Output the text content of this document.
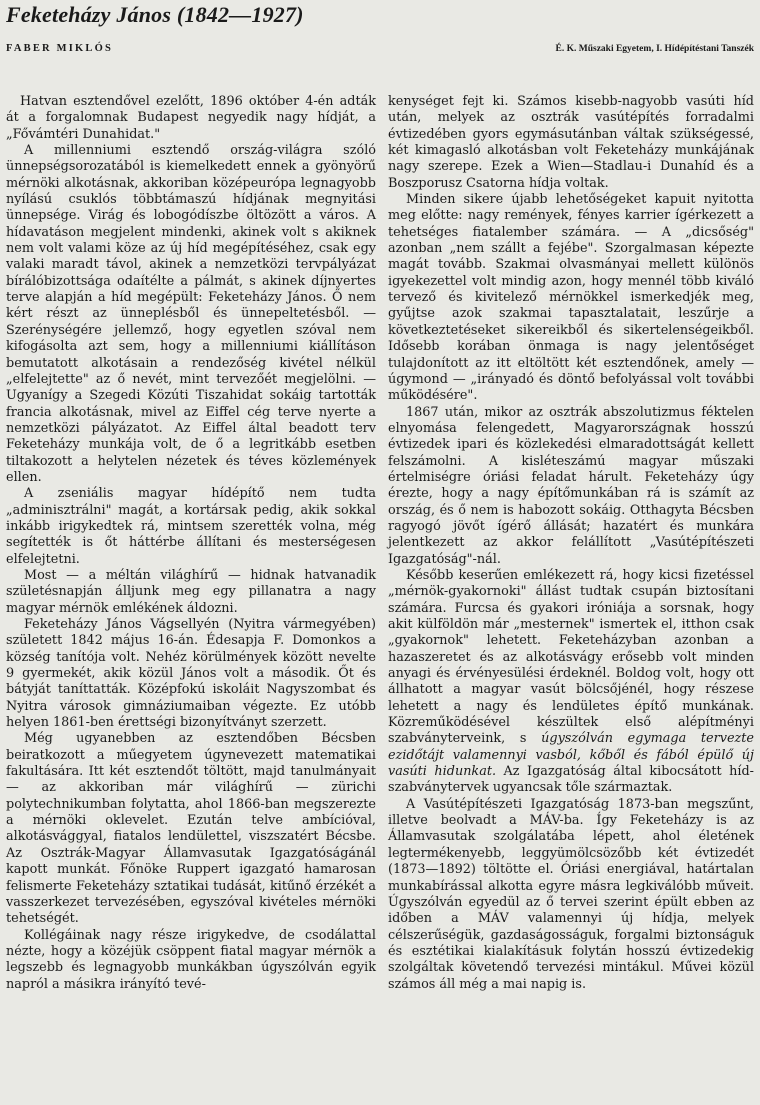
Feketeházy János (1842—1927)
FABER MIKLÓS	É. K. Műszaki Egyetem, I. Hídépítéstani Tanszék

Hatvan esztendővel ezelőtt, 1896 október 4-én adták át a forgalomnak Budapest negyedik nagy hídját, a „Fővámtéri Dunahidat."

A millenniumi esztendő ország-világra szóló ünnepségsorozatából is kiemelkedett ennek a gyönyörű mérnöki alkotásnak, akkoriban középeurópa legnagyobb nyílású csuklós többtámaszú hídjának megnyitási ünnepsége. Virág és lobogódíszbe öltözött a város. A hídavatáson megjelent mindenki, akinek volt s akiknek nem volt valami köze az új híd megépítéséhez, csak egy valaki maradt távol, akinek a nemzetközi tervpályázat bírálóbizottsága odaítélte a pálmát, s akinek díjnyertes terve alapján a híd megépült: Feketeházy János. Ő nem kért részt az ünneplésből és ünnepeltetésből. — Szerénységére jellemző, hogy egyetlen szóval nem kifogásolta azt sem, hogy a millenniumi kiállításon bemutatott alkotásain a rendezőség kivétel nélkül „elfelejtette" az ő nevét, mint tervezőét megjelölni. — Ugyanígy a Szegedi Közúti Tiszahidat sokáig tartották francia alkotásnak, mivel az Eiffel cég terve nyerte a nemzetközi pályázatot. Az Eiffel által beadott terv Feketeházy munkája volt, de ő a legritkább esetben tiltakozott a helytelen nézetek és téves közlemények ellen.

A zseniális magyar hídépítő nem tudta „adminisztrálni" magát, a kortársak pedig, akik sokkal inkább irigykedtek rá, mintsem szerették volna, még segítették is őt háttérbe állítani és mesterségesen elfelejtetni.

Most — a méltán világhírű — hidnak hatvanadik születésnapján álljunk meg egy pillanatra a nagy magyar mérnök emlékének áldozni.

Feketeházy János Vágsellyén (Nyitra vármegyében) született 1842 május 16-án. Édesapja F. Domonkos a község tanítója volt. Nehéz körülmények között nevelte 9 gyermekét, akik közül János volt a második. Őt és bátyját taníttatták. Középfokú iskoláit Nagyszombat és Nyitra városok gimnáziumaiban végezte. Ez utóbb helyen 1861-ben érettségi bizonyítványt szerzett.

Még ugyanebben az esztendőben Bécsben beiratkozott a műegyetem úgynevezett matematikai fakultására. Itt két esztendőt töltött, majd tanulmányait — az akkoriban már világhírű — zürichi polytechnikumban folytatta, ahol 1866-ban megszerezte a mérnöki oklevelet. Ezután telve ambícióval, alkotásvággyal, fiatalos lendülettel, viszszatért Bécsbe. Az Osztrák-Magyar Államvasutak Igazgatóságánál kapott munkát. Főnöke Ruppert igazgató hamarosan felismerte Feketeházy sztatikai tudását, kitűnő érzékét a vasszerkezet tervezésében, egyszóval kivételes mérnöki tehetségét.

Kollégáinak nagy része irigykedve, de csodálattal nézte, hogy a közéjük csöppent fiatal magyar mérnök a legszebb és legnagyobb munkákban úgyszólván egyik napról a másikra irányító tevé-

kenységet fejt ki. Számos kisebb-nagyobb vasúti híd után, melyek az osztrák vasútépítés forradalmi évtizedében gyors egymásutánban váltak szükségessé, két kimagasló alkotásban volt Feketeházy munkájának nagy szerepe. Ezek a Wien—Stadlau-i Dunahíd és a Boszporusz Csatorna hídja voltak.

Minden sikere újabb lehetőségeket kapuit nyitotta meg előtte: nagy remények, fényes karrier ígérkezett a tehetséges fiatalember számára. — A „dicsőség" azonban „nem szállt a fejébe". Szorgalmasan képezte magát tovább. Szakmai olvasmányai mellett különös igyekezettel volt mindig azon, hogy mennél több kiváló tervező és kivitelező mérnökkel ismerkedjék meg, gyűjtse azok szakmai tapasztalatait, leszűrje a következtetéseket sikereikből és sikertelenségeikből. Idősebb korában önmaga is nagy jelentőséget tulajdonított az itt eltöltött két esztendőnek, amely — úgymond — „irányadó és döntő befolyással volt további működésére".

1867 után, mikor az osztrák abszolutizmus féktelen elnyomása felengedett, Magyarországnak hosszú évtizedek ipari és közlekedési elmaradottságát kellett felszámolni. A kisléteszámú magyar műszaki értelmiségre óriási feladat hárult. Feketeházy úgy érezte, hogy a nagy építőmunkában rá is számít az ország, és ő nem is habozott sokáig. Otthagyta Bécsben ragyogó jövőt ígérő állását; hazatért és munkára jelentkezett az akkor felállított „Vasútépítészeti Igazgatóság"-nál.

Később keserűen emlékezett rá, hogy kicsi fizetéssel „mérnök-gyakornoki" állást tudtak csupán biztosítani számára. Furcsa és gyakori iróniája a sorsnak, hogy akit külföldön már „mesternek" ismertek el, itthon csak „gyakornok" lehetett. Feketeházyban azonban a hazaszeretet és az alkotásvágy erősebb volt minden anyagi és érvényesülési érdeknél. Boldog volt, hogy ott állhatott a magyar vasút bölcsőjénél, hogy részese lehetett a nagy és lendületes építő munkának. Közreműködésével készültek első alépítményi szabványterveink, s úgyszólván egymaga tervezte ezidőtájt valamennyi vasból, kőből és fából épülő új vasúti hidunkat. Az Igazgatóság által kibocsátott híd-szabványtervek ugyancsak tőle származtak.

A Vasútépítészeti Igazgatóság 1873-ban megszűnt, illetve beolvadt a MÁV-ba. Így Feketeházy is az Államvasutak szolgálatába lépett, ahol életének legtermékenyebb, leggyümölcsözőbb két évtizedét (1873—1892) töltötte el. Óriási energiával, határtalan munkabírással alkotta egyre másra legkiválóbb műveit. Úgyszólván egyedül az ő tervei szerint épült ebben az időben a MÁV valamennyi új hídja, melyek célszerűségük, gazdaságosságuk, forgalmi biztonságuk és esztétikai kialakításuk folytán hosszú évtizedekig szolgáltak követendő tervezési mintákul. Művei közül számos áll még a mai napig is.
